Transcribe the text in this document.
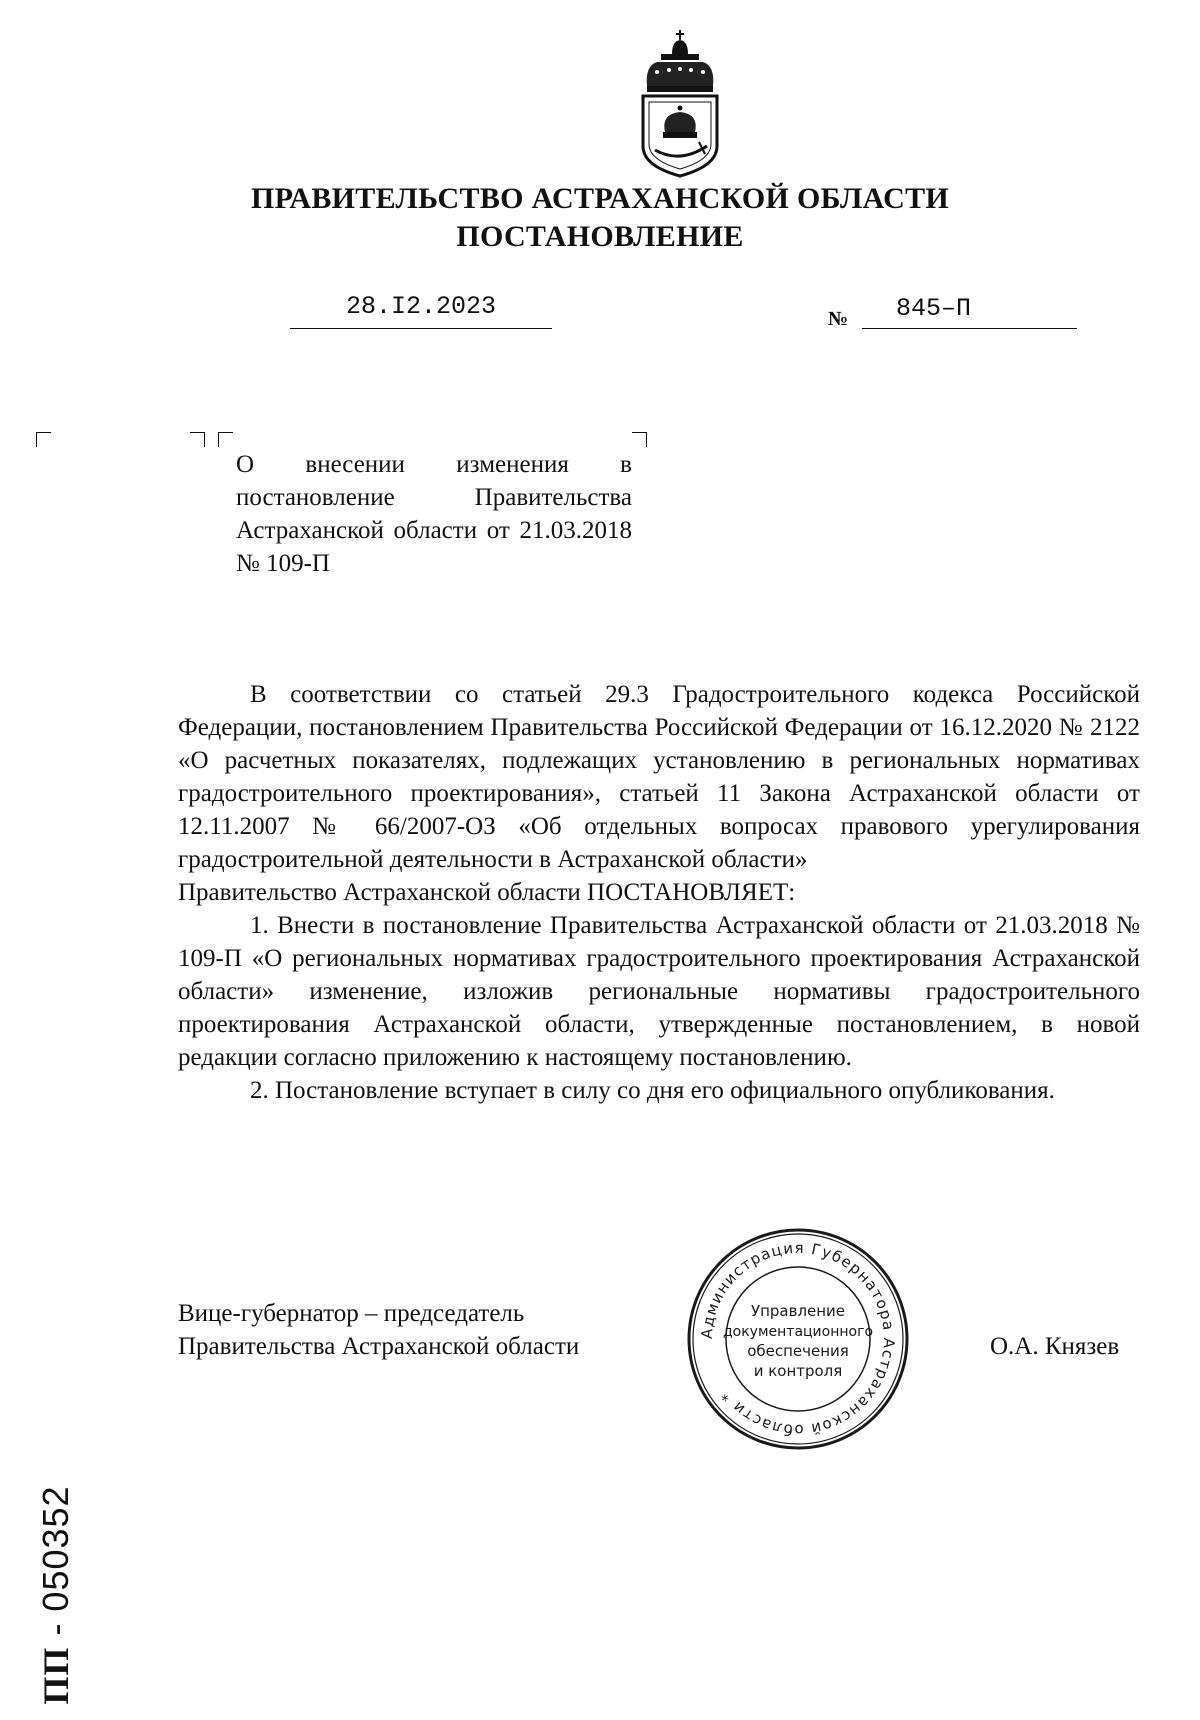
ПРАВИТЕЛЬСТВО АСТРАХАНСКОЙ ОБЛАСТИ
ПОСТАНОВЛЕНИЕ
28.I2.2023	№	845–П
О внесении изменения в постановление Правительства Астраханской области от 21.03.2018 № 109-П

В соответствии со статьей 29.3 Градостроительного кодекса Российской Федерации, постановлением Правительства Российской Федерации от 16.12.2020 № 2122 «О расчетных показателях, подлежащих установлению в региональных нормативах градостроительного проектирования», статьей 11 Закона Астраханской области от 12.11.2007 № 66/2007-ОЗ «Об отдельных вопросах правового урегулирования градостроительной деятельности в Астраханской области»

Правительство Астраханской области ПОСТАНОВЛЯЕТ:

1. Внести в постановление Правительства Астраханской области от 21.03.2018 № 109-П «О региональных нормативах градостроительного проектирования Астраханской области» изменение, изложив региональные нормативы градостроительного проектирования Астраханской области, утвержденные постановлением, в новой редакции согласно приложению к настоящему постановлению.

2. Постановление вступает в силу со дня его официального опубликования.

Вице-губернатор – председатель
Правительства Астраханской области	Администрация Губернатора Астраханской области *
Управление
документационного
обеспечения
и контроля
О.А. Князев
ПП - 050352
